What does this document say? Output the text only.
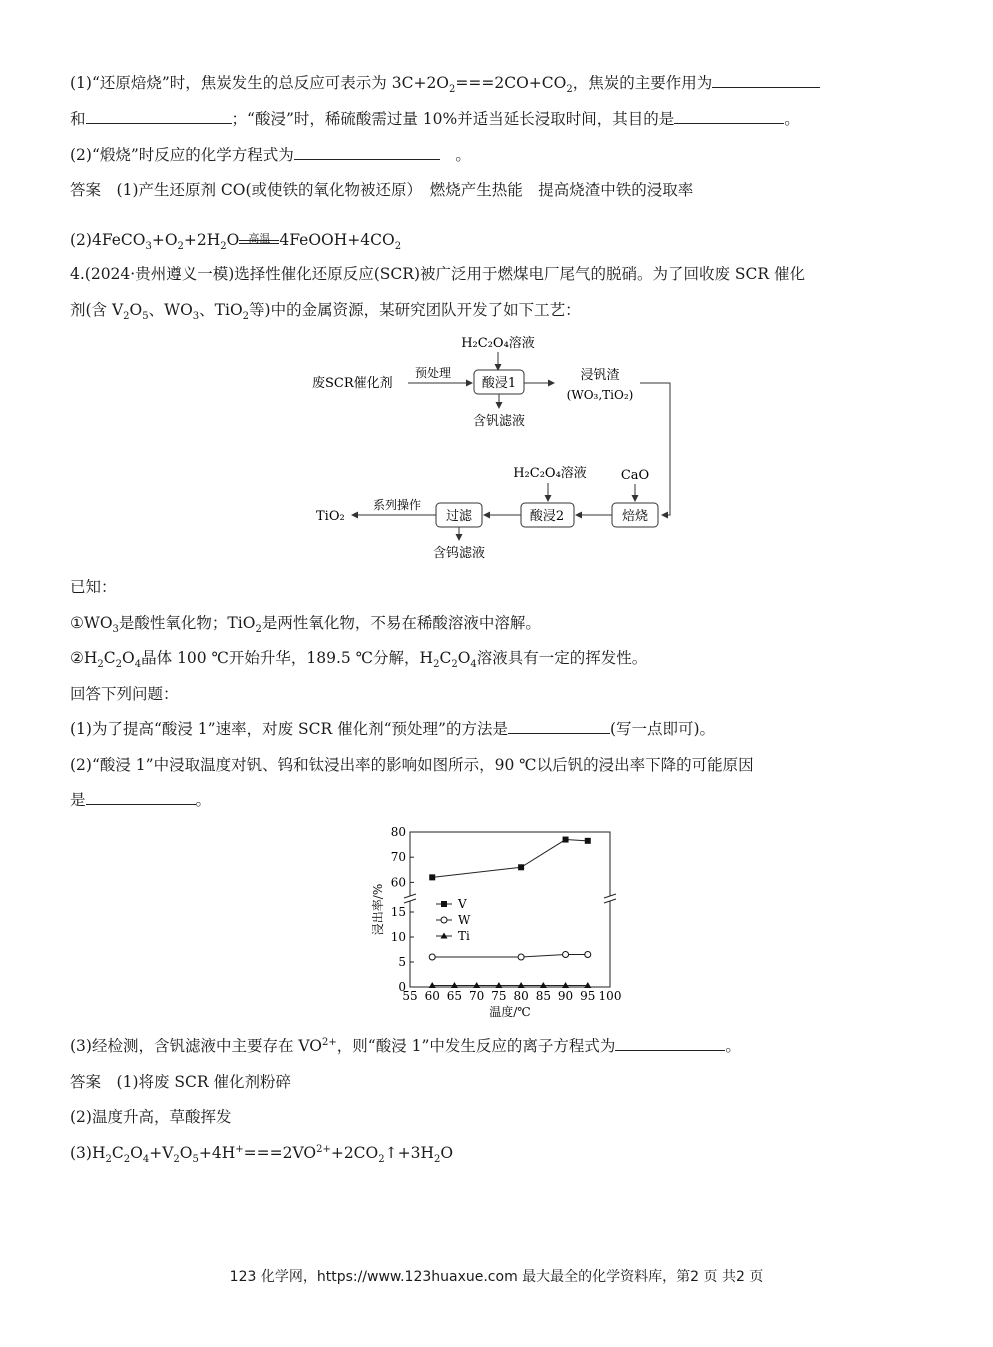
(1)“还原焙烧”时，焦炭发生的总反应可表示为 $3C+2O_2===2CO+CO_2$，焦炭的主要作用为
和	；“酸浸”时，稀硫酸需过量 10%并适当延长浸取时间，其目的是	。
(2)“煅烧”时反应的化学方程式为　	。
答案　 (1)产生还原剂 CO(或使铁的氧化物被还原）　燃烧产生热能　提高烧渣中铁的浸取率
$(2)4FeCO_3+O_2+2H_2O$ 高温 $4FeOOH+4CO_2$
4.(2024·贵州遵义一模)选择性催化还原反应(SCR)被广泛用于燃煤电厂尾气的脱硝。为了回收废 SCR 催化
剂(含 $V_2O_5$、$WO_3$、TiO$_2$等)中的金属资源，某研究团队开发了如下工艺：
H₂C₂O₄溶液
废SCR催化剂
预处理
酸浸1
浸钒渣
(WO₃,TiO₂)
含钒滤液
H₂C₂O₄溶液	CaO
焙烧
酸浸2
过滤
系列操作
TiO₂
含钨滤液
已知：
$①WO_3$是酸性氧化物；TiO$_2$是两性氧化物，不易在稀酸溶液中溶解。
$②H_2C_2O_4$晶体 100 ℃开始升华，189.5 ℃分解，$H_2C_2O_4$溶液具有一定的挥发性。
回答下列问题：
(1)为了提高“酸浸 1”速率，对废 SCR 催化剂“预处理”的方法是	(写一点即可)。
(2)“酸浸 1”中浸取温度对钒、钨和钛浸出率的影响如图所示，90 ℃以后钒的浸出率下降的可能原因
是	。
55 60 65 70 75 80 85 90 95 100
0
5
10
15
60
70
80
V
W
Ti
温度/℃
浸出率/%
(3)经检测，含钒滤液中主要存在 $VO^{2+}$，则“酸浸 1”中发生反应的离子方程式为	。
答案　 (1)将废 SCR 催化剂粉碎
(2)温度升高，草酸挥发
$(3)H_2C_2O_4+V_2O_5+4H^+===2VO^{2+}+2CO_2↑+3H_2O$
123 化学网，https://www.123huaxue.com 最大最全的化学资料库，第2 页 共2 页
